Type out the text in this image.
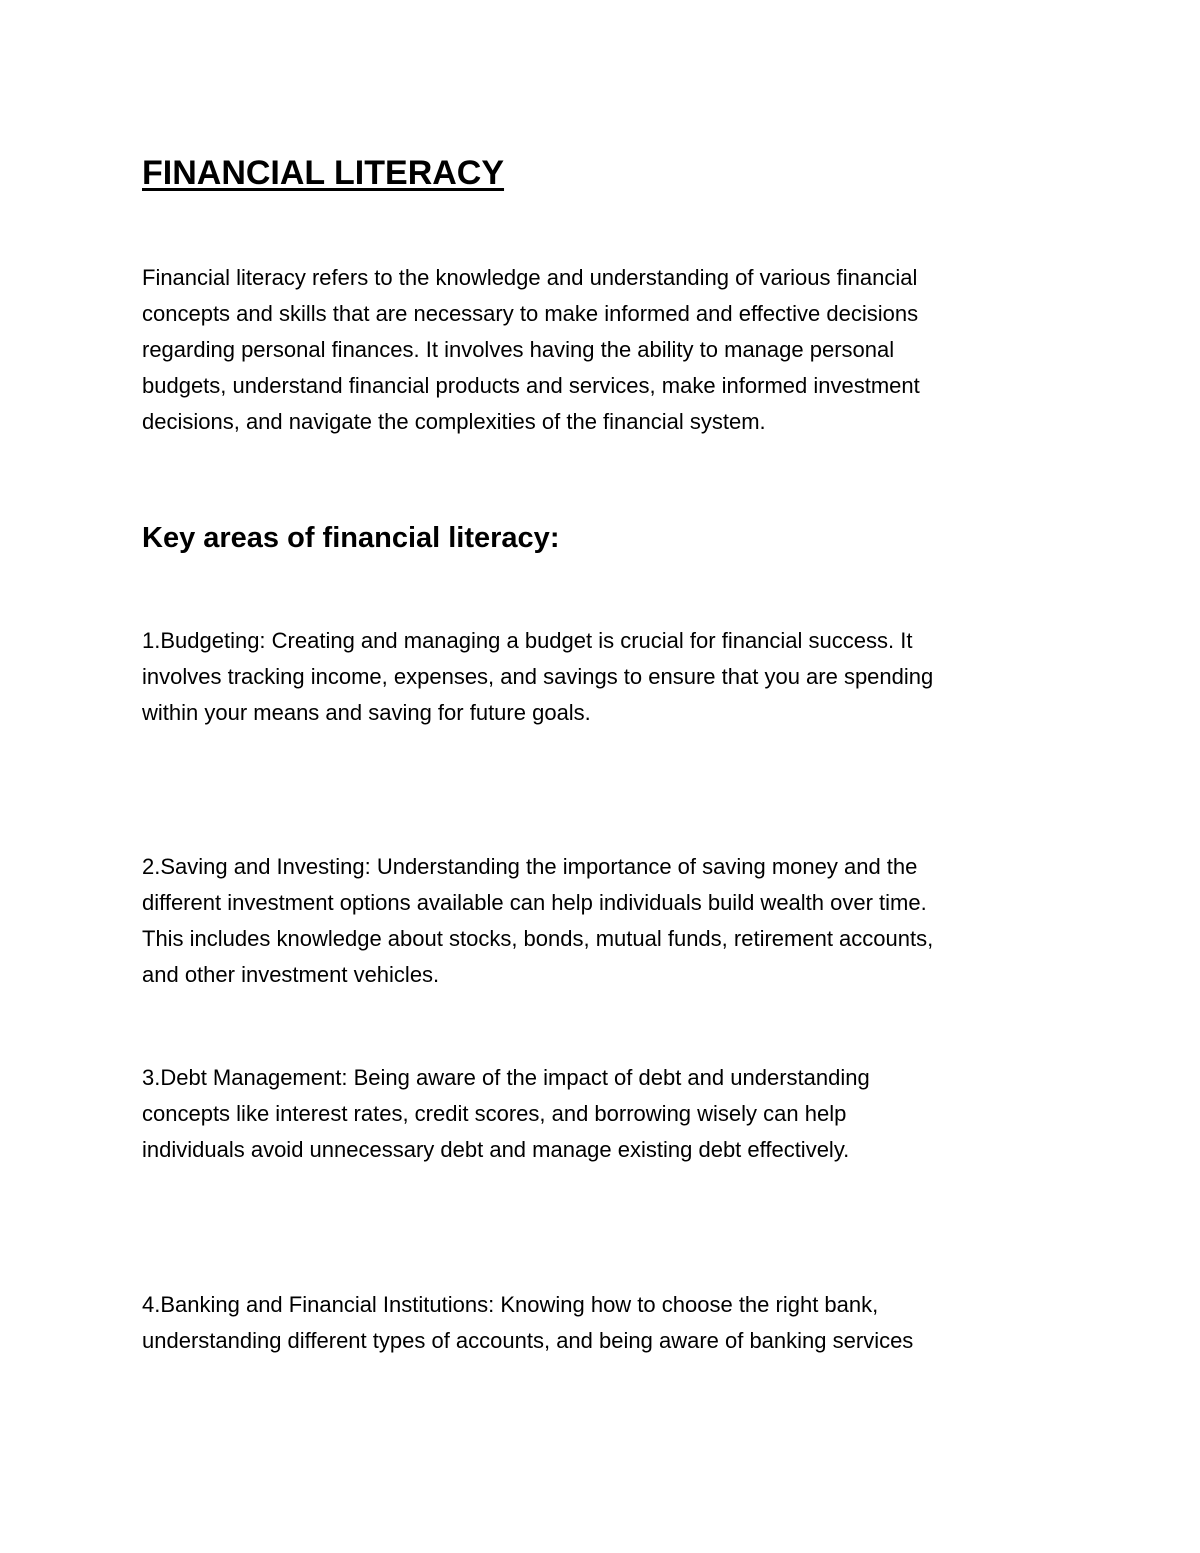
FINANCIAL LITERACY

Financial literacy refers to the knowledge and understanding of various financial
concepts and skills that are necessary to make informed and effective decisions
regarding personal finances. It involves having the ability to manage personal
budgets, understand financial products and services, make informed investment
decisions, and navigate the complexities of the financial system.

Key areas of financial literacy:

1.Budgeting: Creating and managing a budget is crucial for financial success. It
involves tracking income, expenses, and savings to ensure that you are spending
within your means and saving for future goals.

2.Saving and Investing: Understanding the importance of saving money and the
different investment options available can help individuals build wealth over time.
This includes knowledge about stocks, bonds, mutual funds, retirement accounts,
and other investment vehicles.

3.Debt Management: Being aware of the impact of debt and understanding
concepts like interest rates, credit scores, and borrowing wisely can help
individuals avoid unnecessary debt and manage existing debt effectively.

4.Banking and Financial Institutions: Knowing how to choose the right bank,
understanding different types of accounts, and being aware of banking services
